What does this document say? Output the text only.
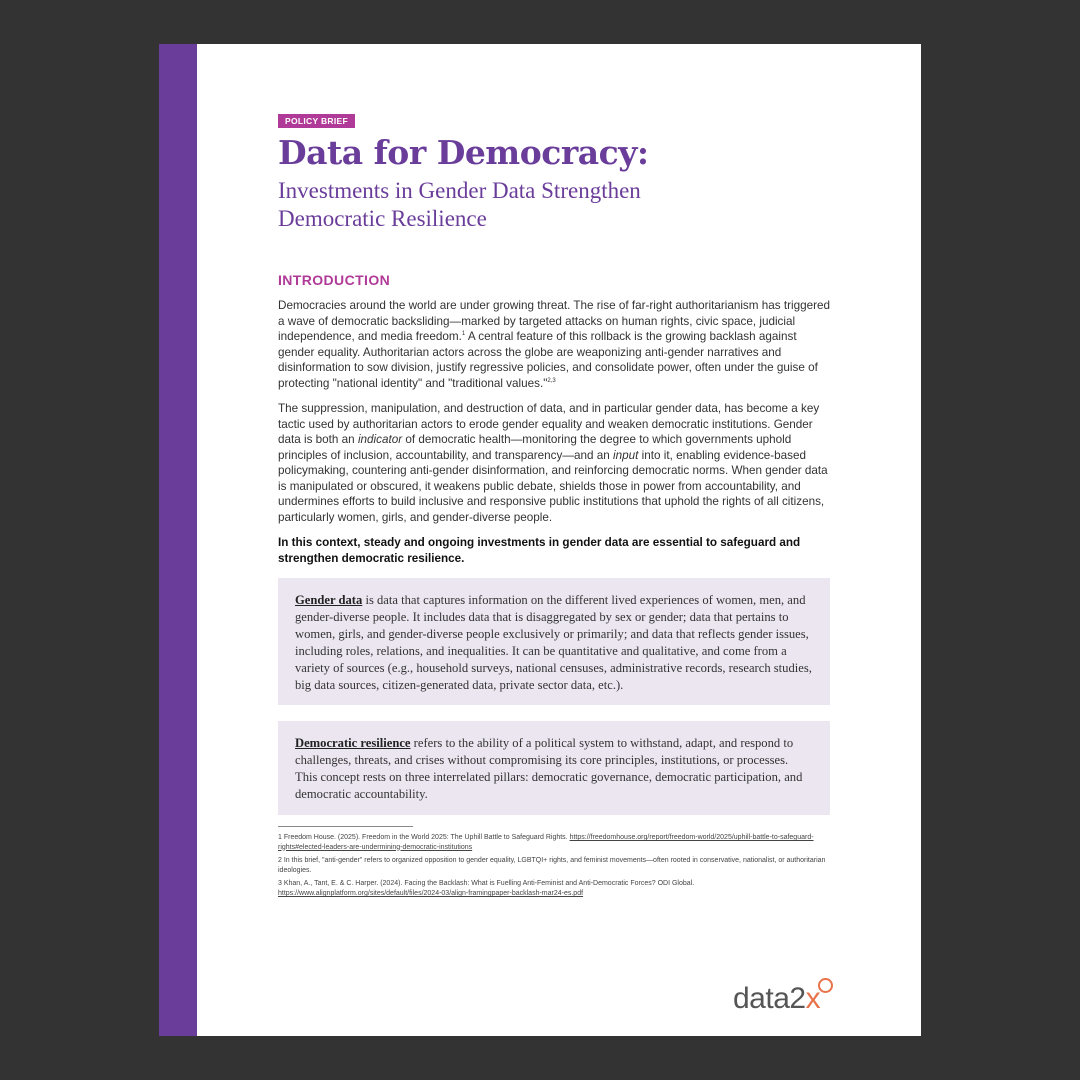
POLICY BRIEF
Data for Democracy:
Investments in Gender Data Strengthen
Democratic Resilience
INTRODUCTION

Democracies around the world are under growing threat. The rise of far-right authoritarianism has triggered a wave of democratic backsliding—marked by targeted attacks on human rights, civic space, judicial independence, and media freedom.$^1$ A central feature of this rollback is the growing backlash against gender equality. Authoritarian actors across the globe are weaponizing anti-gender narratives and disinformation to sow division, justify regressive policies, and consolidate power, often under the guise of protecting "national identity" and "traditional values."$^{2,3}$

The suppression, manipulation, and destruction of data, and in particular gender data, has become a key tactic used by authoritarian actors to erode gender equality and weaken democratic institutions. Gender data is both an indicator of democratic health—monitoring the degree to which governments uphold principles of inclusion, accountability, and transparency—and an input into it, enabling evidence-based policymaking, countering anti-gender disinformation, and reinforcing democratic norms. When gender data is manipulated or obscured, it weakens public debate, shields those in power from accountability, and undermines efforts to build inclusive and responsive public institutions that uphold the rights of all citizens, particularly women, girls, and gender-diverse people.

In this context, steady and ongoing investments in gender data are essential to safeguard and strengthen democratic resilience.

Gender data is data that captures information on the different lived experiences of women, men, and gender-diverse people. It includes data that is disaggregated by sex or gender; data that pertains to women, girls, and gender-diverse people exclusively or primarily; and data that reflects gender issues, including roles, relations, and inequalities. It can be quantitative and qualitative, and come from a variety of sources (e.g., household surveys, national censuses, administrative records, research studies, big data sources, citizen-generated data, private sector data, etc.).

Democratic resilience refers to the ability of a political system to withstand, adapt, and respond to challenges, threats, and crises without compromising its core principles, institutions, or processes. This concept rests on three interrelated pillars: democratic governance, democratic participation, and democratic accountability.

1 Freedom House. (2025). Freedom in the World 2025: The Uphill Battle to Safeguard Rights. https://freedomhouse.org/report/freedom-world/2025/uphill-battle-to-safeguard-rights#elected-leaders-are-undermining-democratic-institutions

2 In this brief, "anti-gender" refers to organized opposition to gender equality, LGBTQI+ rights, and feminist movements—often rooted in conservative, nationalist, or authoritarian ideologies.

3 Khan, A., Tant, E. & C. Harper. (2024). Facing the Backlash: What is Fuelling Anti-Feminist and Anti-Democratic Forces? ODI Global. https://www.alignplatform.org/sites/default/files/2024-03/align-framingpaper-backlash-mar24-es.pdf

data2x
